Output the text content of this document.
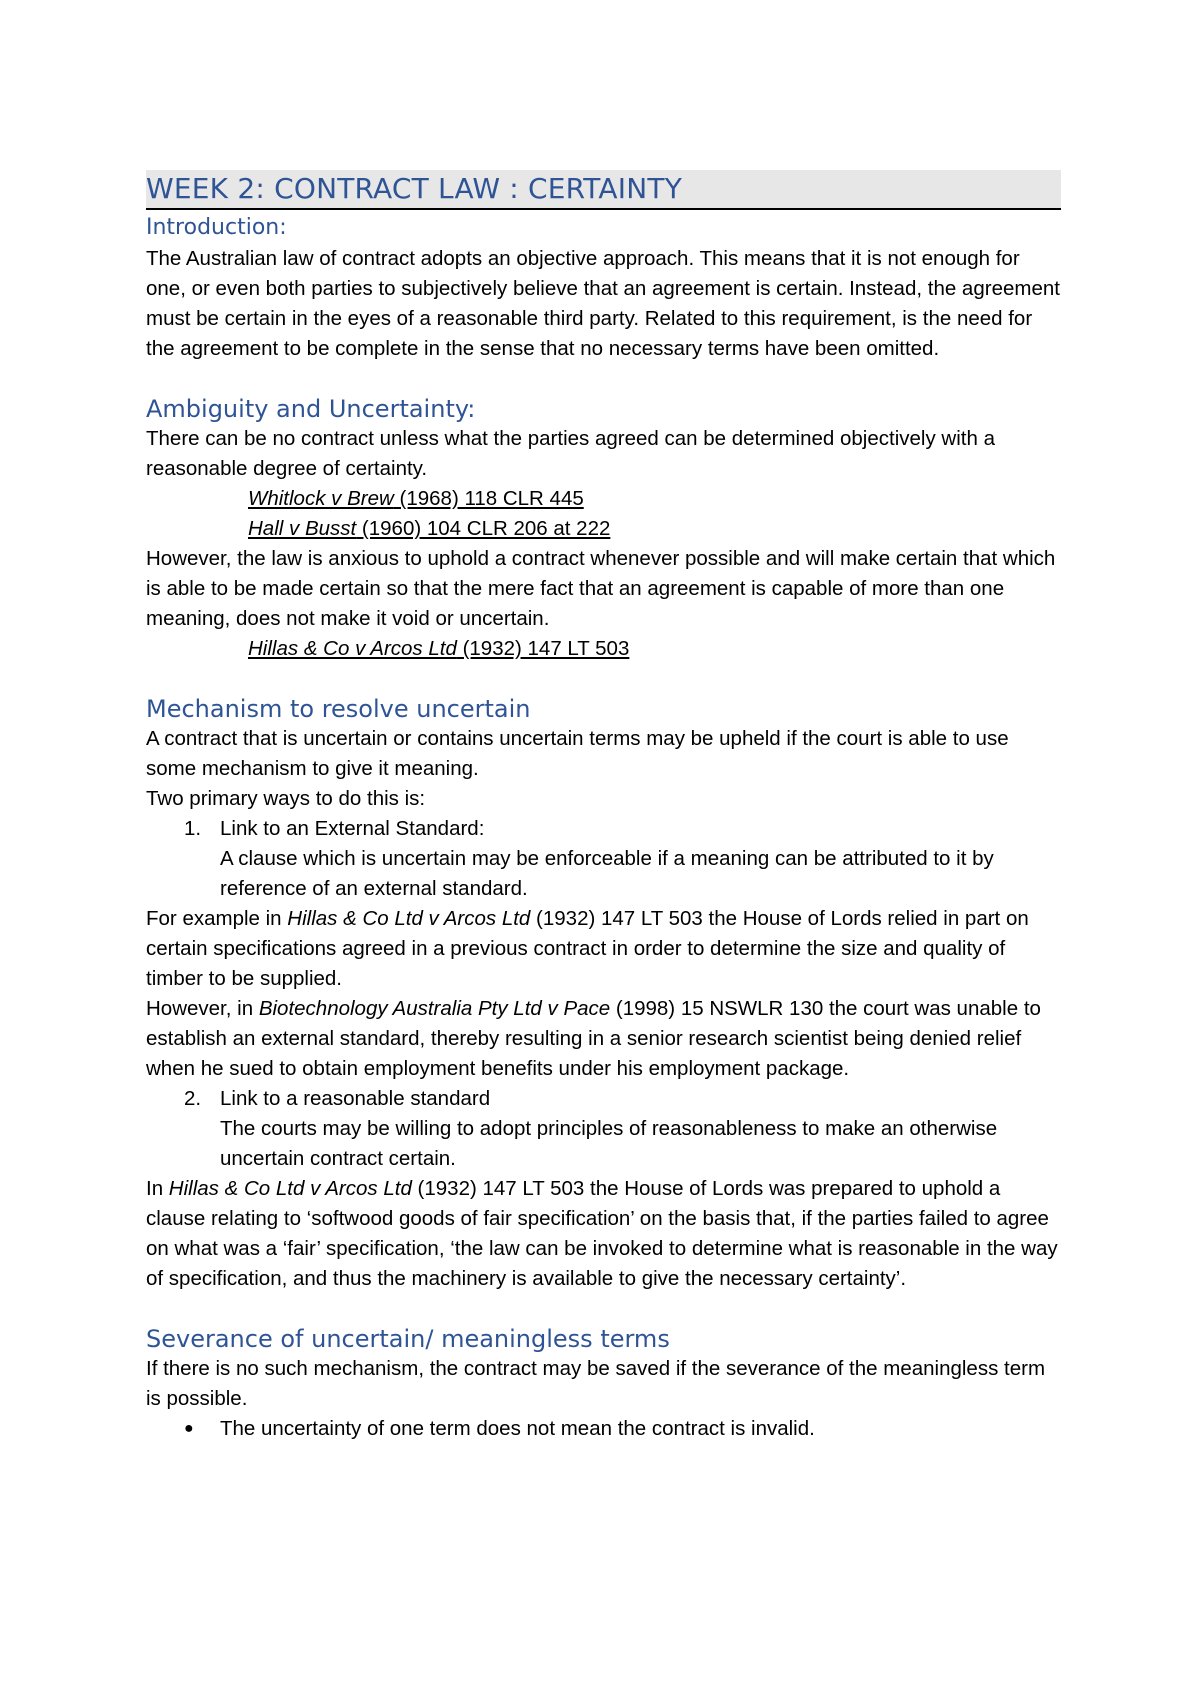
WEEK 2: CONTRACT LAW : CERTAINTY
Introduction:

The Australian law of contract adopts an objective approach. This means that it is not enough for one, or even both parties to subjectively believe that an agreement is certain. Instead, the agreement must be certain in the eyes of a reasonable third party. Related to this requirement, is the need for the agreement to be complete in the sense that no necessary terms have been omitted.

Ambiguity and Uncertainty:

There can be no contract unless what the parties agreed can be determined objectively with a reasonable degree of certainty.

Whitlock v Brew (1968) 118 CLR 445

Hall v Busst (1960) 104 CLR 206 at 222

However, the law is anxious to uphold a contract whenever possible and will make certain that which is able to be made certain so that the mere fact that an agreement is capable of more than one meaning, does not make it void or uncertain.

Hillas & Co v Arcos Ltd (1932) 147 LT 503

Mechanism to resolve uncertain

A contract that is uncertain or contains uncertain terms may be upheld if the court is able to use some mechanism to give it meaning.

Two primary ways to do this is:

1. Link to an External Standard:

A clause which is uncertain may be enforceable if a meaning can be attributed to it by reference of an external standard.

For example in Hillas & Co Ltd v Arcos Ltd (1932) 147 LT 503 the House of Lords relied in part on certain specifications agreed in a previous contract in order to determine the size and quality of timber to be supplied.

However, in Biotechnology Australia Pty Ltd v Pace (1998) 15 NSWLR 130 the court was unable to establish an external standard, thereby resulting in a senior research scientist being denied relief when he sued to obtain employment benefits under his employment package.

2. Link to a reasonable standard

The courts may be willing to adopt principles of reasonableness to make an otherwise uncertain contract certain.

In Hillas & Co Ltd v Arcos Ltd (1932) 147 LT 503 the House of Lords was prepared to uphold a clause relating to ‘softwood goods of fair specification’ on the basis that, if the parties failed to agree on what was a ‘fair’ specification, ‘the law can be invoked to determine what is reasonable in the way of specification, and thus the machinery is available to give the necessary certainty’.

Severance of uncertain/ meaningless terms

If there is no such mechanism, the contract may be saved if the severance of the meaningless term is possible.

●	The uncertainty of one term does not mean the contract is invalid.
